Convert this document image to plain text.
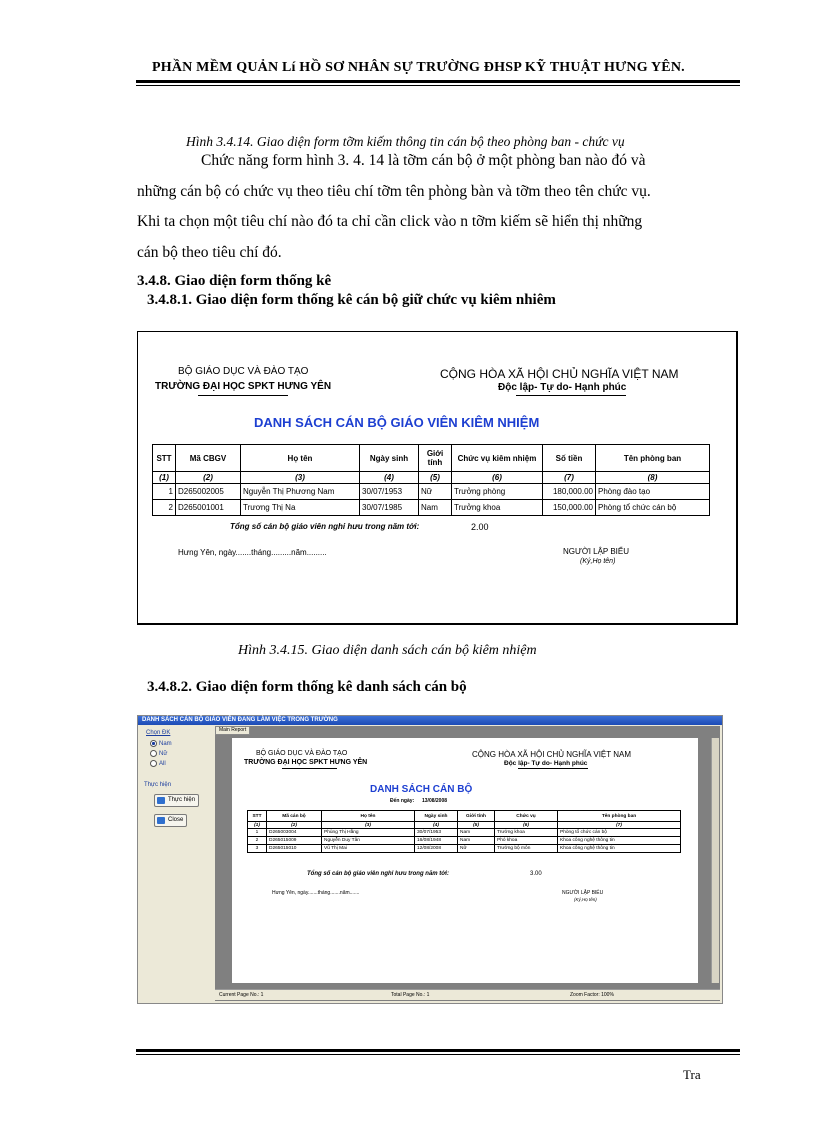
PHẦN MỀM QUẢN Lí HỒ SƠ NHÂN SỰ TRƯỜNG ĐHSP KỸ THUẬT HƯNG YÊN.
Hình 3.4.14. Giao diện form tỡm kiếm thông tin cán bộ theo phòng ban - chức vụ
Chức năng form hình 3. 4. 14 là tỡm cán bộ ở một phòng ban nào đó và
những cán bộ có chức vụ theo tiêu chí tỡm tên phòng bàn và tỡm theo tên chức vụ.
Khi ta chọn một tiêu chí nào đó ta chỉ cần click vào n tỡm kiếm sẽ hiển thị những
cán bộ theo tiêu chí đó.
3.4.8. Giao diện form thống kê
3.4.8.1. Giao diện form thống kê cán bộ giữ chức vụ kiêm nhiêm
BỘ GIÁO DỤC VÀ ĐÀO TẠO
TRƯỜNG ĐẠI HỌC SPKT HƯNG YÊN
CỘNG HÒA XÃ HỘI CHỦ NGHĨA VIỆT NAM
Độc lập- Tự do- Hạnh phúc
DANH SÁCH CÁN BỘ GIÁO VIÊN KIÊM NHIỆM
STT	Mã CBGV	Họ tên	Ngày sinh	Giới tính	Chức vụ kiêm nhiệm	Số tiền	Tên phòng ban
(1)	(2)	(3)	(4)	(5)	(6)	(7)	(8)
1	D265002005	Nguyễn Thị Phương Nam	30/07/1953	Nữ	Trưởng phòng	180,000.00	Phòng đào tạo
2	D265001001	Trương Thị Na	30/07/1985	Nam	Trưởng khoa	150,000.00	Phòng tổ chức cán bộ
Tổng số cán bộ giáo viên nghỉ hưu trong năm tới:	2.00
Hưng Yên, ngày.......tháng.........năm.........	NGƯỜI LẬP BIỂU
(Ký,Họ tên)
Hình 3.4.15. Giao diện danh sách cán bộ kiêm nhiệm
3.4.8.2. Giao diện form thống kê danh sách cán bộ
DANH SÁCH CÁN BỘ GIÁO VIÊN ĐANG LÀM VIỆC TRONG TRƯỜNG
Chọn ĐK
Nam
Nữ
All
Thực hiện
Thực hiện
Close
Main Report
BỘ GIÁO DỤC VÀ ĐÀO TẠO
TRƯỜNG ĐẠI HỌC SPKT HƯNG YÊN
CỘNG HÒA XÃ HỘI CHỦ NGHĨA VIỆT NAM
Độc lập- Tự do- Hạnh phúc
DANH SÁCH CÁN BỘ
Đến ngày: 13/08/2008
STT	Mã cán bộ	Họ tên	Ngày sinh	Giới tính	Chức vụ	Tên phòng ban
(1)	(2)	(3)	(4)	(5)	(6)	(7)
1	D265003004	Phùng Thị Hằng	30/07/1953	Nam	Trưởng khoa	Phòng tổ chức cán bộ
2	D265015009	Nguyễn Duy Tân	16/08/1948	Nam	Phó khoa	Khoa công nghệ thông tin
3	D265015010	Vũ Thị Mai	12/08/2008	Nữ	Trưởng bộ môn	Khoa công nghệ thông tin
Tổng số cán bộ giáo viên nghỉ hưu trong năm tới:	3.00
Hưng Yên, ngày.......tháng.......năm.......	NGƯỜI LẬP BIỂU
(Ký,Họ tên)
Current Page No.: 1	Total Page No.: 1	Zoom Factor: 100%
Tra
